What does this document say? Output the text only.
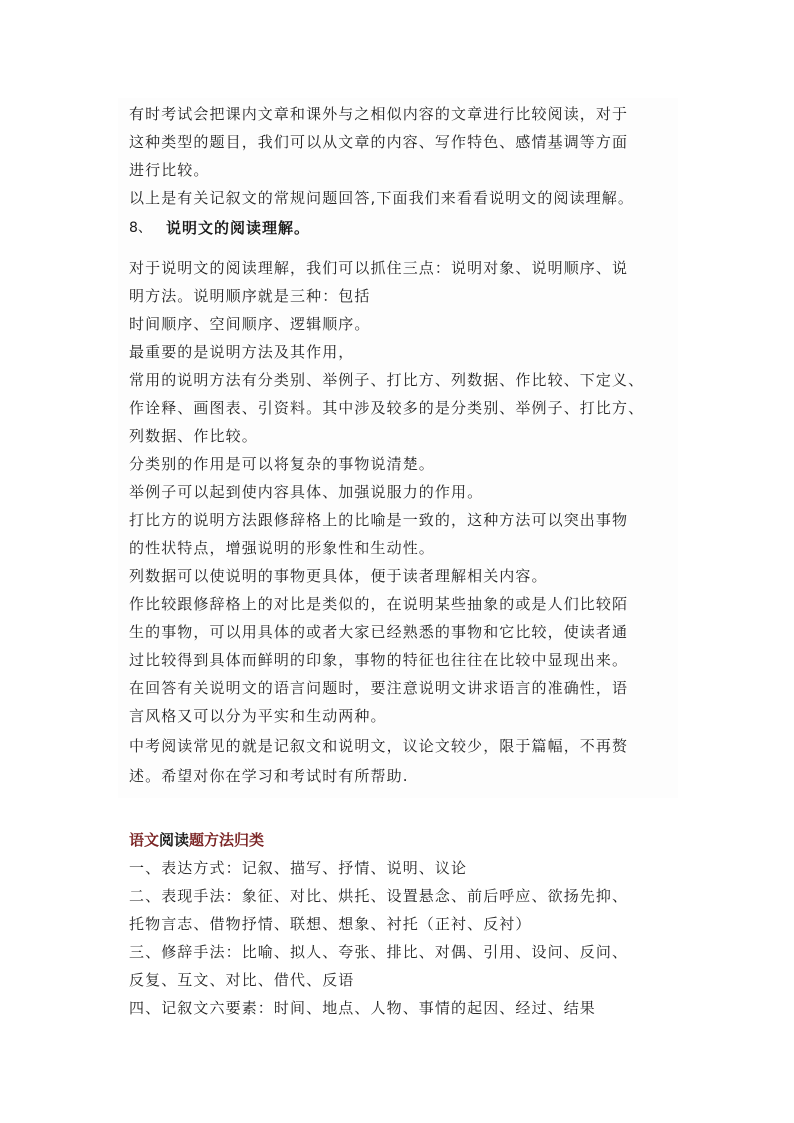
有时考试会把课内文章和课外与之相似内容的文章进行比较阅读，对于
这种类型的题目，我们可以从文章的内容、写作特色、感情基调等方面
进行比较。
以上是有关记叙文的常规问题回答,下面我们来看看说明文的阅读理解。
8、 说明文的阅读理解。
对于说明文的阅读理解，我们可以抓住三点：说明对象、说明顺序、说
明方法。说明顺序就是三种：包括
时间顺序、空间顺序、逻辑顺序。
最重要的是说明方法及其作用，
常用的说明方法有分类别、举例子、打比方、列数据、作比较、下定义、
作诠释、画图表、引资料。其中涉及较多的是分类别、举例子、打比方、
列数据、作比较。
分类别的作用是可以将复杂的事物说清楚。
举例子可以起到使内容具体、加强说服力的作用。
打比方的说明方法跟修辞格上的比喻是一致的，这种方法可以突出事物
的性状特点，增强说明的形象性和生动性。
列数据可以使说明的事物更具体，便于读者理解相关内容。
作比较跟修辞格上的对比是类似的，在说明某些抽象的或是人们比较陌
生的事物，可以用具体的或者大家已经熟悉的事物和它比较，使读者通
过比较得到具体而鲜明的印象，事物的特征也往往在比较中显现出来。
在回答有关说明文的语言问题时，要注意说明文讲求语言的准确性，语
言风格又可以分为平实和生动两种。
中考阅读常见的就是记叙文和说明文，议论文较少，限于篇幅，不再赘
述。希望对你在学习和考试时有所帮助.
语文阅读题方法归类
一、表达方式：记叙、描写、抒情、说明、议论
二、表现手法：象征、对比、烘托、设置悬念、前后呼应、欲扬先抑、
托物言志、借物抒情、联想、想象、衬托（正衬、反衬）
三、修辞手法：比喻、拟人、夸张、排比、对偶、引用、设问、反问、
反复、互文、对比、借代、反语
四、记叙文六要素：时间、地点、人物、事情的起因、经过、结果
